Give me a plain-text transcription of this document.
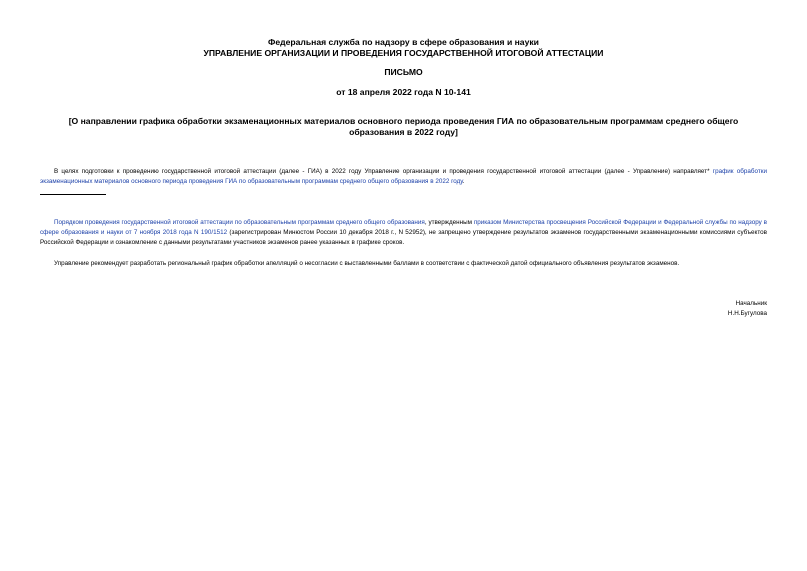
Федеральная служба по надзору в сфере образования и науки
УПРАВЛЕНИЕ ОРГАНИЗАЦИИ И ПРОВЕДЕНИЯ ГОСУДАРСТВЕННОЙ ИТОГОВОЙ АТТЕСТАЦИИ
ПИСЬМО
от 18 апреля 2022 года N 10-141
[О направлении графика обработки экзаменационных материалов основного периода проведения ГИА по образовательным программам среднего общего образования в 2022 году]
В целях подготовки к проведению государственной итоговой аттестации (далее - ГИА) в 2022 году Управление организации и проведения государственной итоговой аттестации (далее - Управление) направляет* график обработки экзаменационных материалов основного периода проведения ГИА по образовательным программам среднего общего образования в 2022 году.
Порядком проведения государственной итоговой аттестации по образовательным программам среднего общего образования, утвержденным приказом Министерства просвещения Российской Федерации и Федеральной службы по надзору в сфере образования и науки от 7 ноября 2018 года N 190/1512 (зарегистрирован Минюстом России 10 декабря 2018 г., N 52952), не запрещено утверждение результатов экзаменов государственными экзаменационными комиссиями субъектов Российской Федерации и ознакомление с данными результатами участников экзаменов ранее указанных в графике сроков.
Управление рекомендует разработать региональный график обработки апелляций о несогласии с выставленными баллами в соответствии с фактической датой официального объявления результатов экзаменов.
Начальник
Н.Н.Бугулова
